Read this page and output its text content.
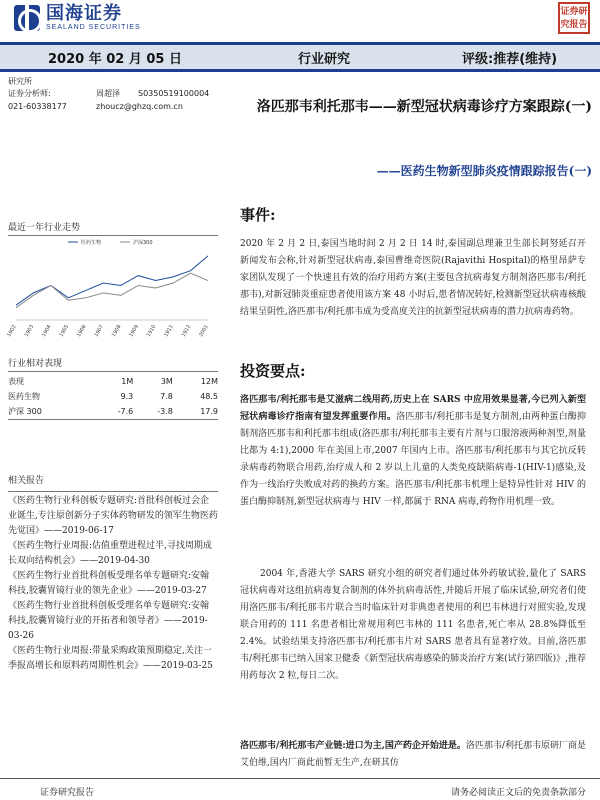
国海证券
SEALAND SECURITIES
证券研究报告
2020 年 02 月 05 日	行业研究	评级:推荐(维持)
研究所
证券分析师:	周超泽	S0350519100004
021-60338177	zhoucz@ghzq.com.cn
最近一年行业走势
医药生物	沪深300
1902 1903 1904 1905 1906 1907 1908 1909 1910 1911 1912 2001
行业相对表现
表现	1M	3M	12M
医药生物	9.3	7.8	48.5
沪深 300	-7.6	-3.8	17.9
相关报告
《医药生物行业科创板专题研究:首批科创板过会企业诞生,专注原创新分子实体药物研发的领军生物医药先觉国》——2019-06-17
《医药生物行业周报:估值重塑进程过半,寻找周期成长双向结构机会》——2019-04-30
《医药生物行业首批科创板受理名单专题研究:安翰科技,胶囊胃镜行业的领先企业》——2019-03-27
《医药生物行业首批科创板受理名单专题研究:安翰科技,胶囊胃镜行业的开拓者和领导者》——2019-03-26
《医药生物行业周报:带量采购政策预期稳定,关注一季报高增长和原料药周期性机会》——2019-03-25
洛匹那韦利托那韦——新型冠状病毒诊疗方案跟踪(一)
——医药生物新型肺炎疫情跟踪报告(一)
事件:
2020 年 2 月 2 日,泰国当地时间 2 月 2 日 14 时,泰国副总理兼卫生部长阿努延召开新闻发布会称,针对新型冠状病毒,泰国曹维奇医院(Rajavithi Hospital)的格里昂萨专家团队发现了一个快速且有效的治疗用药方案(主要包含抗病毒复方制剂洛匹那韦/利托那韦),对新冠肺炎重症患者使用该方案 48 小时后,患者情况转好,检测新型冠状病毒核酸结果呈阴性,洛匹那韦/利托那韦成为受高度关注的抗新型冠状病毒的潜力抗病毒药物。
投资要点:
洛匹那韦/利托那韦是艾滋病二线用药,历史上在 SARS 中应用效果显著,今已列入新型冠状病毒诊疗指南有望发挥重要作用。洛匹那韦/利托那韦是复方制剂,由两种蛋白酶抑制剂洛匹那韦和利托那韦组成(洛匹那韦/利托那韦主要有片剂与口服溶液两种剂型,剂量比都为 4:1),2000 年在美国上市,2007 年国内上市。洛匹那韦/利托那韦与其它抗反转录病毒药物联合用药,治疗成人和 2 岁以上儿童的人类免疫缺陷病毒-1(HIV-1)感染,及作为一线治疗失败成对药的换药方案。洛匹那韦/利托那韦机理上是特异性针对 HIV 的蛋白酶抑制剂,新型冠状病毒与 HIV 一样,都属于 RNA 病毒,药物作用机理一致。
2004 年,香港大学 SARS 研究小组的研究者们通过体外药敏试验,量化了 SARS 冠状病毒对这组抗病毒复合制剂的体外抗病毒活性,并随后开展了临床试验,研究者们使用洛匹那韦/利托那韦片联合当时临床针对非典患者使用的利巴韦林进行对照实验,发现联合用药的 111 名患者相比常规用利巴韦林的 111 名患者,死亡率从 28.8%降低至 2.4%。试验结果支持洛匹那韦/利托那韦片对 SARS 患者具有显著疗效。目前,洛匹那韦/利托那韦已纳入国家卫健委《新型冠状病毒感染的肺炎治疗方案(试行第四版)》,推荐用药每次 2 粒,每日二次。
洛匹那韦/利托那韦产业链:进口为主,国产药企开始进是。洛匹那韦/利托那韦原研厂商是艾伯维,国内厂商此前暂无生产,在研其仿
证券研究报告	请务必阅读正文后的免责条款部分
